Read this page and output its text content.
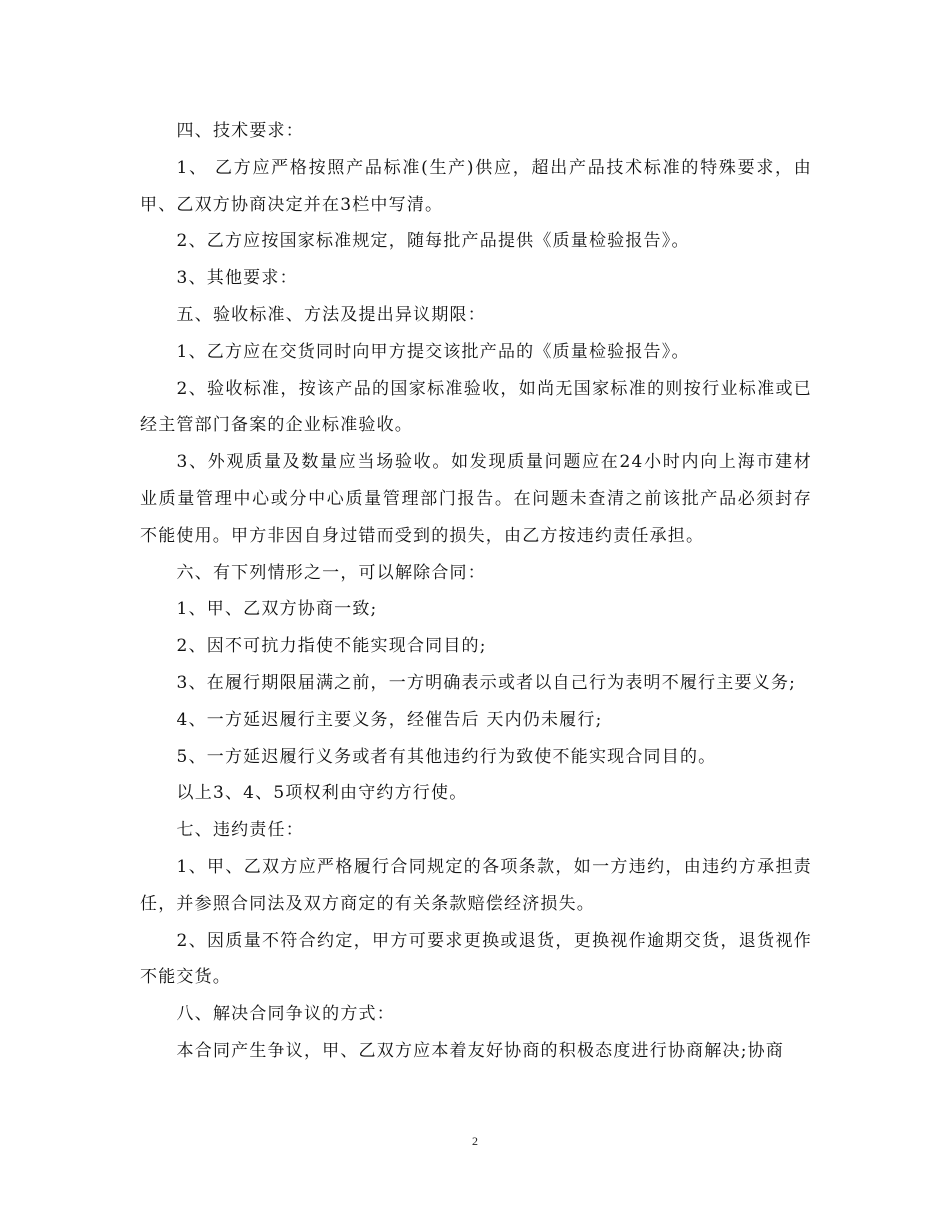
四、技术要求：

1、 乙方应严格按照产品标准(生产)供应，超出产品技术标准的特殊要求，由甲、乙双方协商决定并在3栏中写清。

2、乙方应按国家标准规定，随每批产品提供《质量检验报告》。

3、其他要求：

五、验收标准、方法及提出异议期限：

1、乙方应在交货同时向甲方提交该批产品的《质量检验报告》。

2、验收标准，按该产品的国家标准验收，如尚无国家标准的则按行业标准或已经主管部门备案的企业标准验收。

3、外观质量及数量应当场验收。如发现质量问题应在24小时内向上海市建材业质量管理中心或分中心质量管理部门报告。在问题未查清之前该批产品必须封存不能使用。甲方非因自身过错而受到的损失，由乙方按违约责任承担。

六、有下列情形之一，可以解除合同：

1、甲、乙双方协商一致;

2、因不可抗力指使不能实现合同目的;

3、在履行期限届满之前，一方明确表示或者以自己行为表明不履行主要义务;

4、一方延迟履行主要义务，经催告后 天内仍未履行;

5、一方延迟履行义务或者有其他违约行为致使不能实现合同目的。

以上3、4、5项权利由守约方行使。

七、违约责任：

1、甲、乙双方应严格履行合同规定的各项条款，如一方违约，由违约方承担责任，并参照合同法及双方商定的有关条款赔偿经济损失。

2、因质量不符合约定，甲方可要求更换或退货，更换视作逾期交货，退货视作不能交货。

八、解决合同争议的方式：

本合同产生争议，甲、乙双方应本着友好协商的积极态度进行协商解决;协商

2
